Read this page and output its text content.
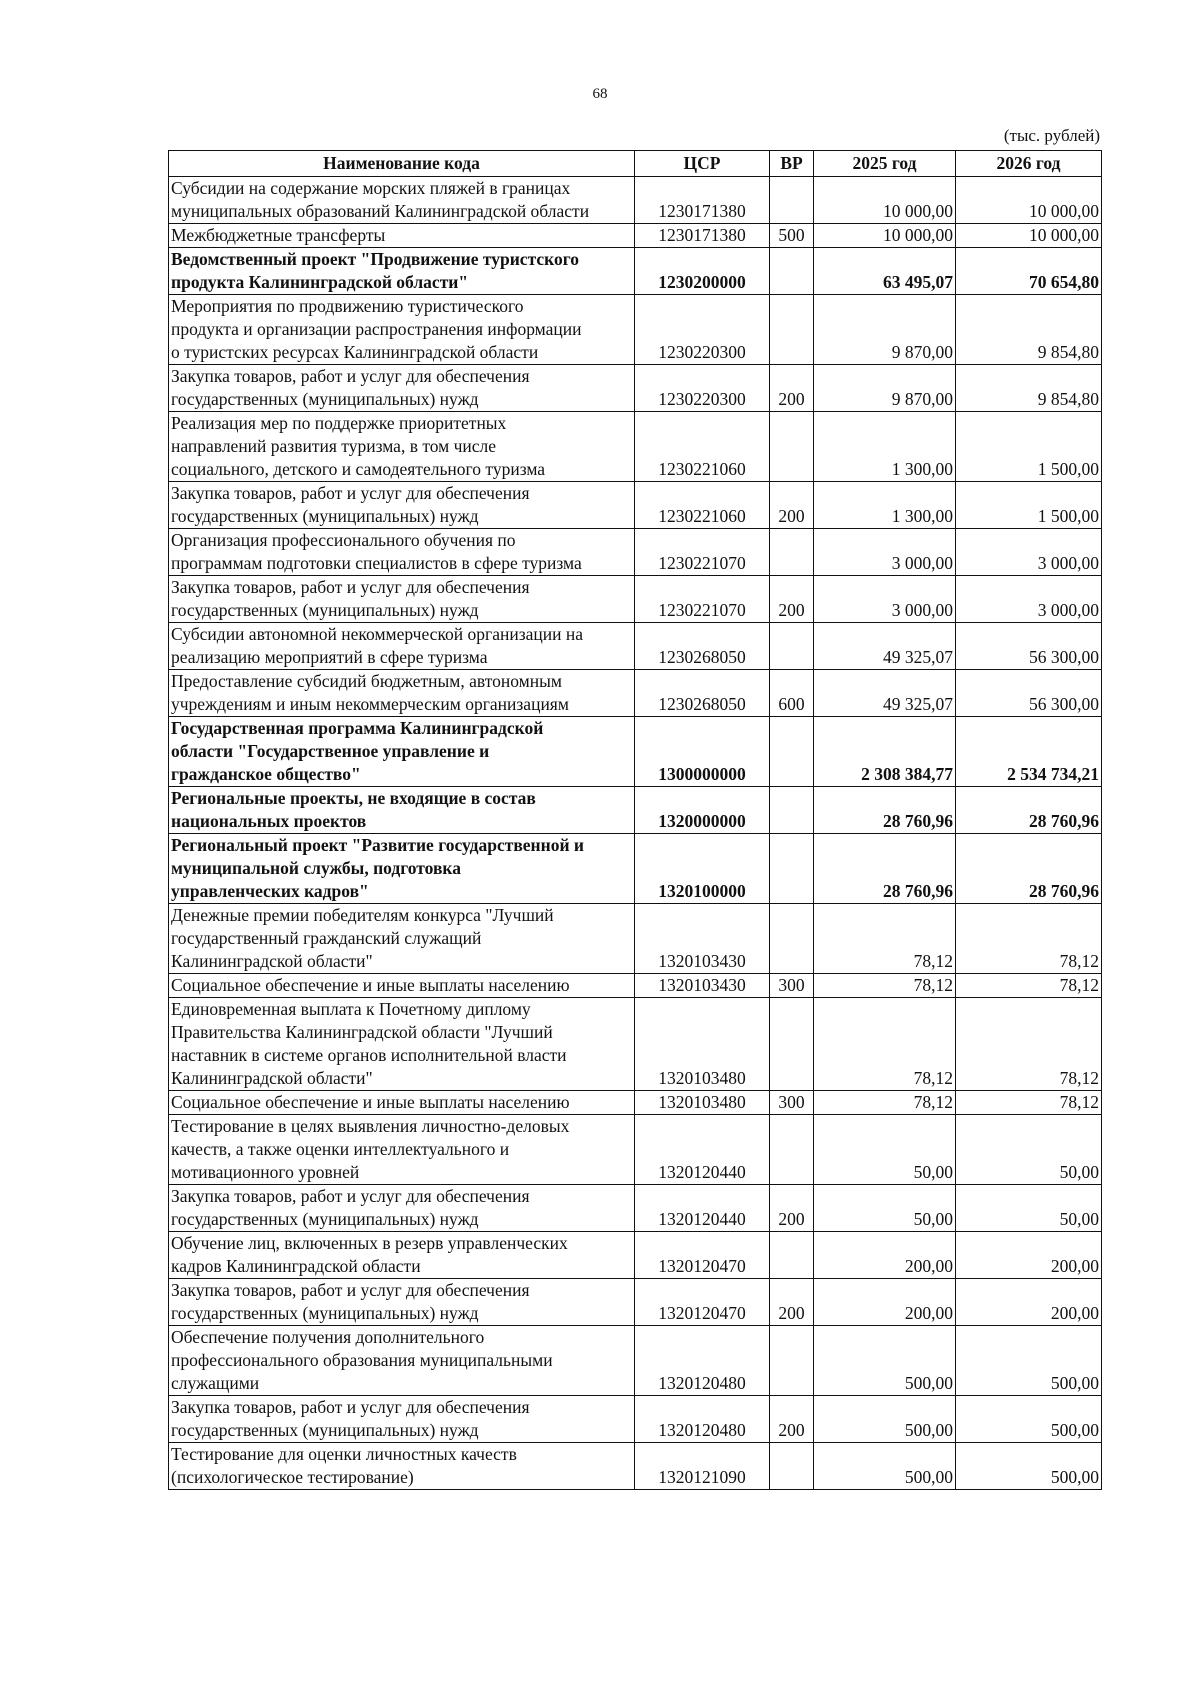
68
(тыс. рублей)
Наименование кода	ЦСР	ВР	2025 год	2026 год

Субсидии на содержание морских пляжей в границах
муниципальных образований Калининградской области	1230171380		10 000,00	10 000,00

Межбюджетные трансферты	1230171380	500	10 000,00	10 000,00

Ведомственный проект "Продвижение туристского
продукта Калининградской области"	1230200000		63 495,07	70 654,80

Мероприятия по продвижению туристического
продукта и организации распространения информации
о туристских ресурсах Калининградской области	1230220300		9 870,00	9 854,80

Закупка товаров, работ и услуг для обеспечения
государственных (муниципальных) нужд	1230220300	200	9 870,00	9 854,80

Реализация мер по поддержке приоритетных
направлений развития туризма, в том числе
социального, детского и самодеятельного туризма	1230221060		1 300,00	1 500,00

Закупка товаров, работ и услуг для обеспечения
государственных (муниципальных) нужд	1230221060	200	1 300,00	1 500,00

Организация профессионального обучения по
программам подготовки специалистов в сфере туризма	1230221070		3 000,00	3 000,00

Закупка товаров, работ и услуг для обеспечения
государственных (муниципальных) нужд	1230221070	200	3 000,00	3 000,00

Субсидии автономной некоммерческой организации на
реализацию мероприятий в сфере туризма	1230268050		49 325,07	56 300,00

Предоставление субсидий бюджетным, автономным
учреждениям и иным некоммерческим организациям	1230268050	600	49 325,07	56 300,00

Государственная программа Калининградской
области "Государственное управление и
гражданское общество"	1300000000		2 308 384,77	2 534 734,21

Региональные проекты, не входящие в состав
национальных проектов	1320000000		28 760,96	28 760,96

Региональный проект "Развитие государственной и
муниципальной службы, подготовка
управленческих кадров"	1320100000		28 760,96	28 760,96

Денежные премии победителям конкурса "Лучший
государственный гражданский служащий
Калининградской области"	1320103430		78,12	78,12

Социальное обеспечение и иные выплаты населению	1320103430	300	78,12	78,12

Единовременная выплата к Почетному диплому
Правительства Калининградской области "Лучший
наставник в системе органов исполнительной власти
Калининградской области"	1320103480		78,12	78,12

Социальное обеспечение и иные выплаты населению	1320103480	300	78,12	78,12

Тестирование в целях выявления личностно-деловых
качеств, а также оценки интеллектуального и
мотивационного уровней	1320120440		50,00	50,00

Закупка товаров, работ и услуг для обеспечения
государственных (муниципальных) нужд	1320120440	200	50,00	50,00

Обучение лиц, включенных в резерв управленческих
кадров Калининградской области	1320120470		200,00	200,00

Закупка товаров, работ и услуг для обеспечения
государственных (муниципальных) нужд	1320120470	200	200,00	200,00

Обеспечение получения дополнительного
профессионального образования муниципальными
служащими	1320120480		500,00	500,00

Закупка товаров, работ и услуг для обеспечения
государственных (муниципальных) нужд	1320120480	200	500,00	500,00

Тестирование для оценки личностных качеств
(психологическое тестирование)	1320121090		500,00	500,00
